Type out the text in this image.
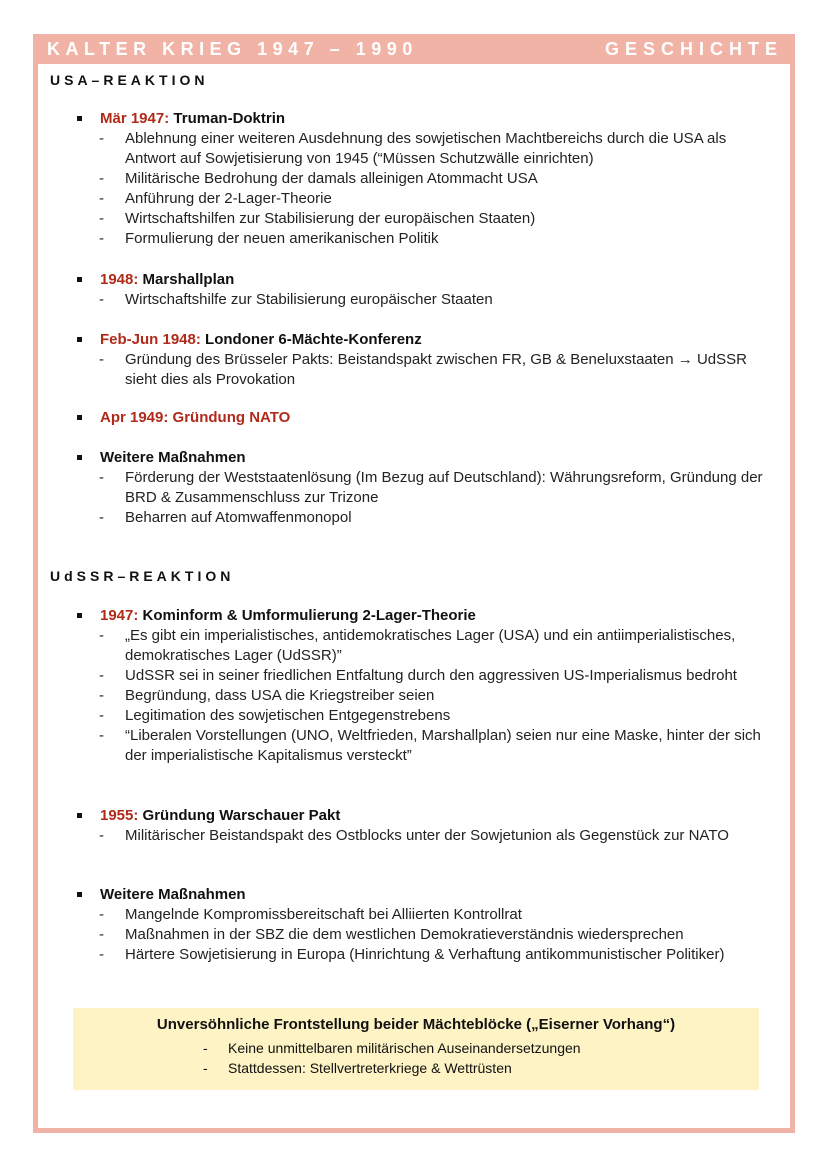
KALTER KRIEG 1947 – 1990	GESCHICHTE
USA–REAKTION
Mär 1947: Truman-Doktrin
- Ablehnung einer weiteren Ausdehnung des sowjetischen Machtbereichs durch die USA als Antwort auf Sowjetisierung von 1945 (“Müssen Schutzwälle einrichten)
- Militärische Bedrohung der damals alleinigen Atommacht USA
- Anführung der 2-Lager-Theorie
- Wirtschaftshilfen zur Stabilisierung der europäischen Staaten)
- Formulierung der neuen amerikanischen Politik
1948: Marshallplan
- Wirtschaftshilfe zur Stabilisierung europäischer Staaten
Feb-Jun 1948: Londoner 6-Mächte-Konferenz
- Gründung des Brüsseler Pakts: Beistandspakt zwischen FR, GB & Beneluxstaaten → UdSSR sieht dies als Provokation
Apr 1949: Gründung NATO
Weitere Maßnahmen
- Förderung der Weststaatenlösung (Im Bezug auf Deutschland): Währungsreform, Gründung der BRD & Zusammenschluss zur Trizone
- Beharren auf Atomwaffenmonopol
UdSSR–REAKTION
1947: Kominform & Umformulierung 2-Lager-Theorie
- „Es gibt ein imperialistisches, antidemokratisches Lager (USA) und ein antiimperialistisches, demokratisches Lager (UdSSR)”
- UdSSR sei in seiner friedlichen Entfaltung durch den aggressiven US-Imperialismus bedroht
- Begründung, dass USA die Kriegstreiber seien
- Legitimation des sowjetischen Entgegenstrebens
- “Liberalen Vorstellungen (UNO, Weltfrieden, Marshallplan) seien nur eine Maske, hinter der sich der imperialistische Kapitalismus versteckt”
1955: Gründung Warschauer Pakt
- Militärischer Beistandspakt des Ostblocks unter der Sowjetunion als Gegenstück zur NATO
Weitere Maßnahmen
- Mangelnde Kompromissbereitschaft bei Alliierten Kontrollrat
- Maßnahmen in der SBZ die dem westlichen Demokratieverständnis wiedersprechen
- Härtere Sowjetisierung in Europa (Hinrichtung & Verhaftung antikommunistischer Politiker)
Unversöhnliche Frontstellung beider Mächteblöcke („Eiserner Vorhang“)
- Keine unmittelbaren militärischen Auseinandersetzungen
- Stattdessen: Stellvertreterkriege & Wettrüsten
